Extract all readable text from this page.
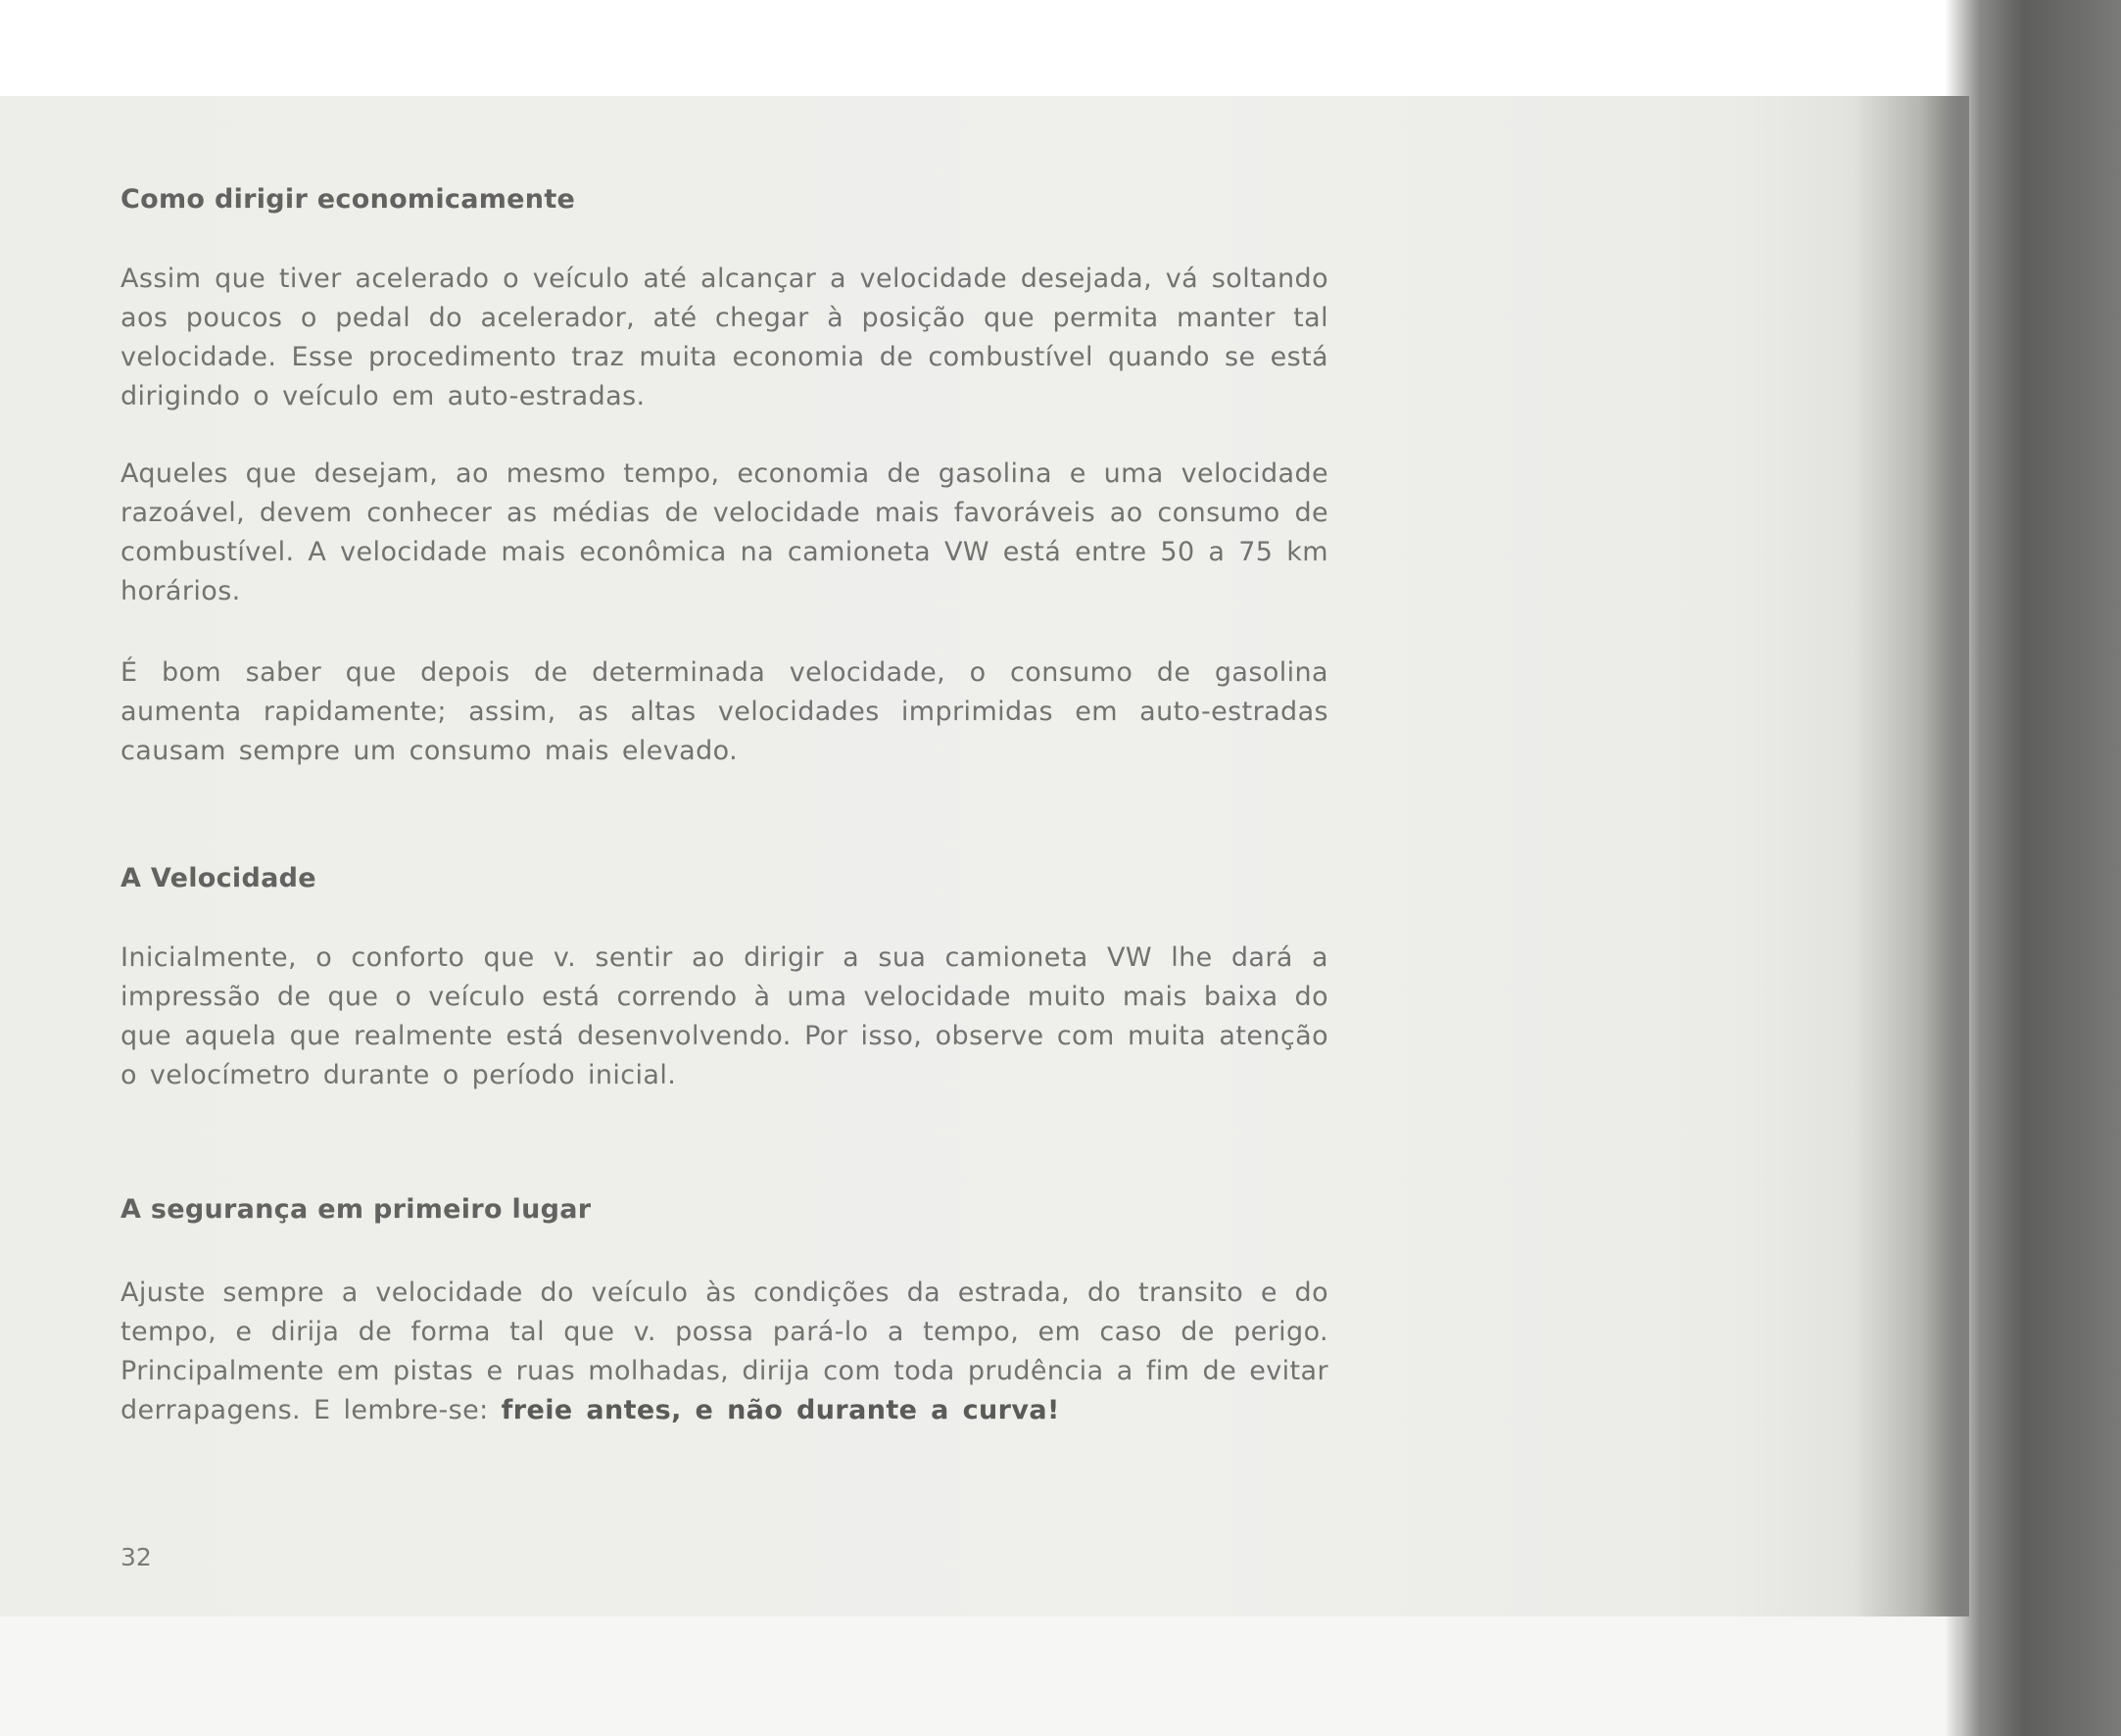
Como dirigir economicamente

Assim que tiver acelerado o veículo até alcançar a velocidade desejada, vá soltando aos poucos o pedal do acelerador, até chegar à posição que permita manter tal velocidade. Esse procedimento traz muita economia de combustível quando se está dirigindo o veículo em auto-estradas.

Aqueles que desejam, ao mesmo tempo, economia de gasolina e uma velocidade razoável, devem conhecer as médias de velocidade mais favoráveis ao consumo de combustível. A velocidade mais econômica na camioneta VW está entre 50 a 75 km horários.

É bom saber que depois de determinada velocidade, o consumo de gasolina aumenta rapidamente; assim, as altas velocidades imprimidas em auto-estradas causam sempre um consumo mais elevado.

A Velocidade

Inicialmente, o conforto que v. sentir ao dirigir a sua camioneta VW lhe dará a impressão de que o veículo está correndo à uma velocidade muito mais baixa do que aquela que realmente está desenvolvendo. Por isso, observe com muita atenção o velocímetro durante o período inicial.

A segurança em primeiro lugar

Ajuste sempre a velocidade do veículo às condições da estrada, do transito e do tempo, e dirija de forma tal que v. possa pará-lo a tempo, em caso de perigo. Principalmente em pistas e ruas molhadas, dirija com toda prudência a fim de evitar derrapagens. E lembre-se: freie antes, e não durante a curva!

32
